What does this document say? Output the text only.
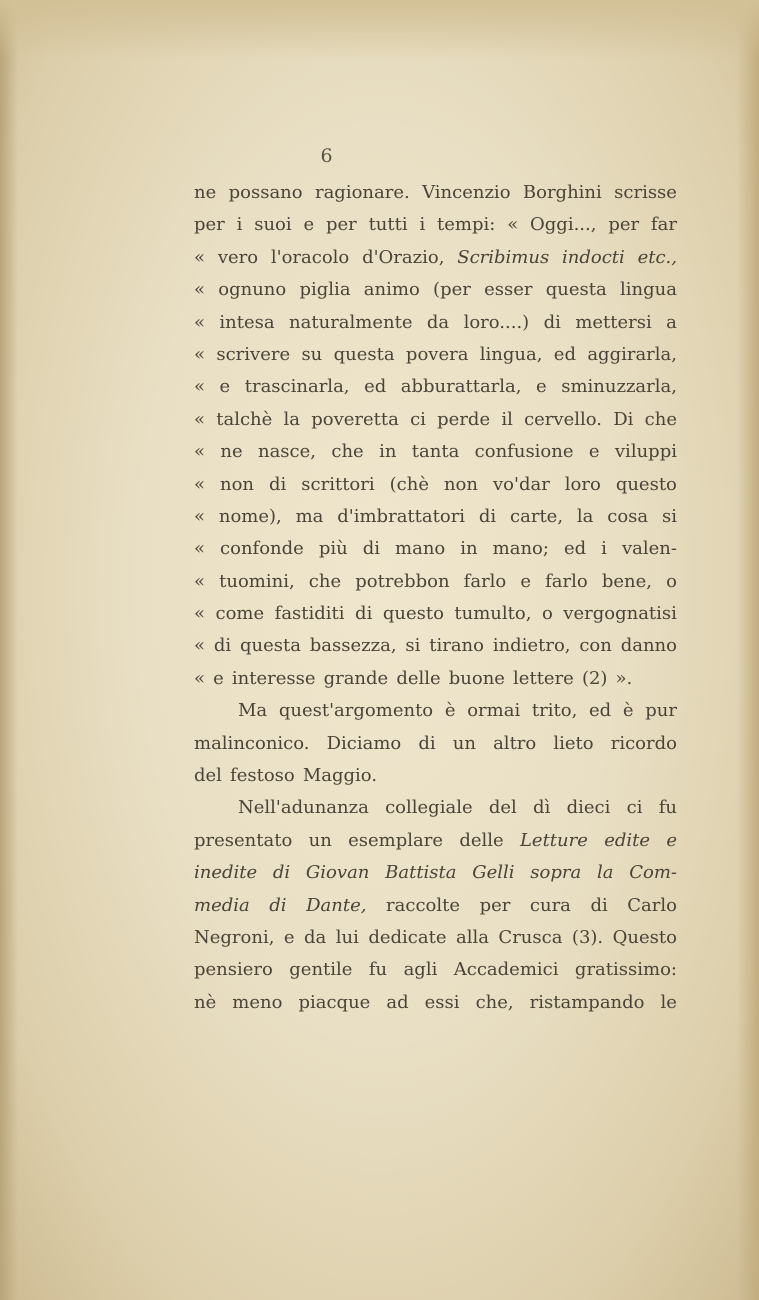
6
ne possano ragionare. Vincenzio Borghini scrisse
per i suoi e per tutti i tempi: « Oggi..., per far
« vero l'oracolo d'Orazio, Scribimus indocti etc.,
« ognuno piglia animo (per esser questa lingua
« intesa naturalmente da loro....) di mettersi a
« scrivere su questa povera lingua, ed aggirarla,
« e trascinarla, ed abburattarla, e sminuzzarla,
« talchè la poveretta ci perde il cervello. Di che
« ne nasce, che in tanta confusione e viluppi
« non di scrittori (chè non vo'dar loro questo
« nome), ma d'imbrattatori di carte, la cosa si
« confonde più di mano in mano; ed i valen-
« tuomini, che potrebbon farlo e farlo bene, o
« come fastiditi di questo tumulto, o vergognatisi
« di questa bassezza, si tirano indietro, con danno
« e interesse grande delle buone lettere (2) ».
Ma quest'argomento è ormai trito, ed è pur
malinconico. Diciamo di un altro lieto ricordo
del festoso Maggio.
Nell'adunanza collegiale del dì dieci ci fu
presentato un esemplare delle Letture edite e
inedite di Giovan Battista Gelli sopra la Com-
media di Dante, raccolte per cura di Carlo
Negroni, e da lui dedicate alla Crusca (3). Questo
pensiero gentile fu agli Accademici gratissimo:
nè meno piacque ad essi che, ristampando le
